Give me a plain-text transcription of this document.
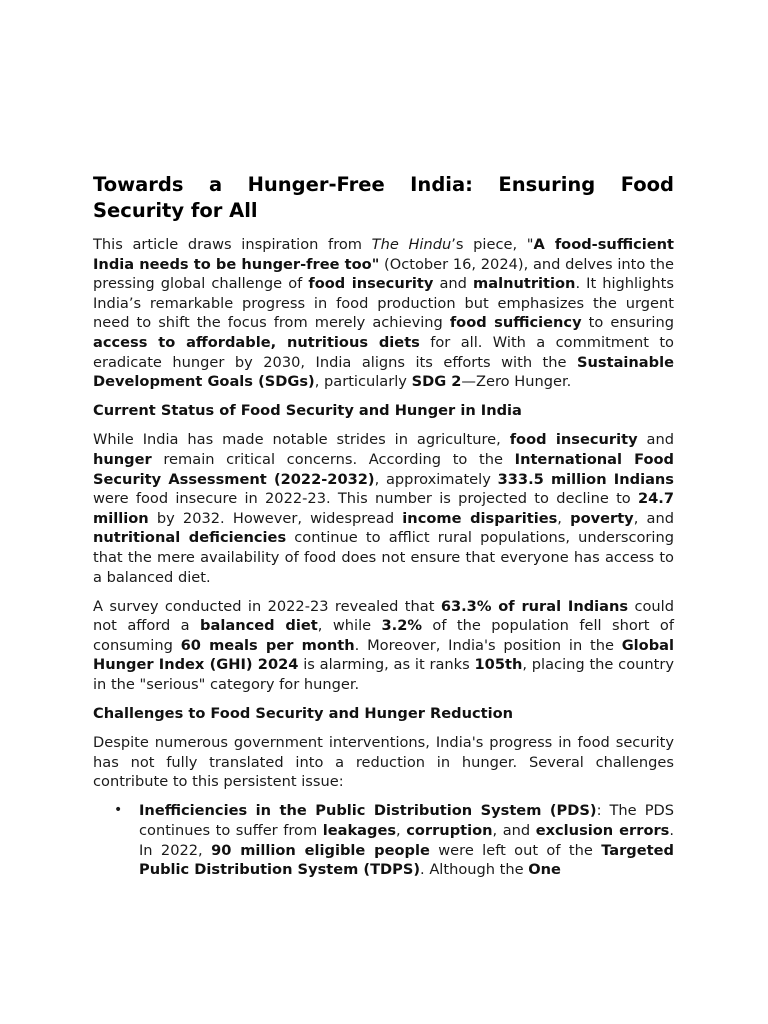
Towards a Hunger-Free India: Ensuring Food Security for All

This article draws inspiration from The Hindu’s piece, "A food-sufficient India needs to be hunger-free too" (October 16, 2024), and delves into the pressing global challenge of food insecurity and malnutrition. It highlights India’s remarkable progress in food production but emphasizes the urgent need to shift the focus from merely achieving food sufficiency to ensuring access to affordable, nutritious diets for all. With a commitment to eradicate hunger by 2030, India aligns its efforts with the Sustainable Development Goals (SDGs), particularly SDG 2—Zero Hunger.

Current Status of Food Security and Hunger in India

While India has made notable strides in agriculture, food insecurity and hunger remain critical concerns. According to the International Food Security Assessment (2022-2032), approximately 333.5 million Indians were food insecure in 2022-23. This number is projected to decline to 24.7 million by 2032. However, widespread income disparities, poverty, and nutritional deficiencies continue to afflict rural populations, underscoring that the mere availability of food does not ensure that everyone has access to a balanced diet.

A survey conducted in 2022-23 revealed that 63.3% of rural Indians could not afford a balanced diet, while 3.2% of the population fell short of consuming 60 meals per month. Moreover, India's position in the Global Hunger Index (GHI) 2024 is alarming, as it ranks 105th, placing the country in the "serious" category for hunger.

Challenges to Food Security and Hunger Reduction

Despite numerous government interventions, India's progress in food security has not fully translated into a reduction in hunger. Several challenges contribute to this persistent issue:

• Inefficiencies in the Public Distribution System (PDS): The PDS continues to suffer from leakages, corruption, and exclusion errors. In 2022, 90 million eligible people were left out of the Targeted Public Distribution System (TDPS). Although the One
